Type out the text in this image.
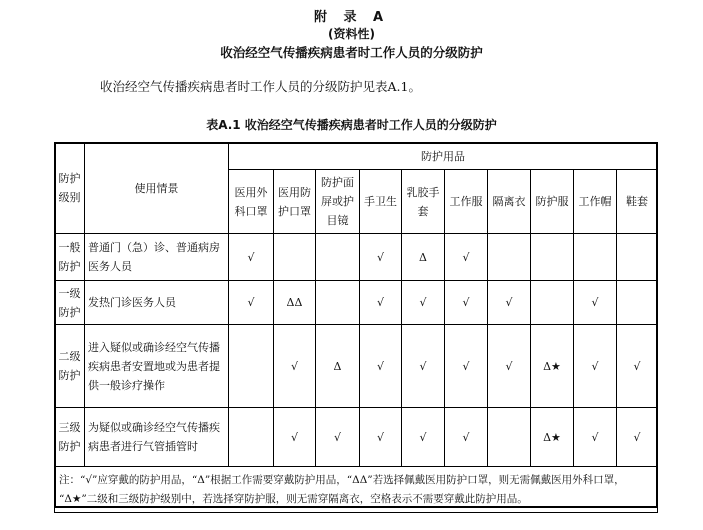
附 录 A
(资料性)
收治经空气传播疾病患者时工作人员的分级防护
收治经空气传播疾病患者时工作人员的分级防护见表A.1。
表A.1 收治经空气传播疾病患者时工作人员的分级防护
防护级别	使用情景	防护用品									
		医用外科口罩	医用防护口罩	防护面屏或护目镜	手卫生	乳胶手套	工作服	隔离衣	防护服	工作帽	鞋套
一般防护	普通门（急）诊、普通病房医务人员	√			√	Δ	√				
一级防护	发热门诊医务人员	√	ΔΔ		√	√	√	√		√	
二级防护	进入疑似或确诊经空气传播疾病患者安置地或为患者提供一般诊疗操作		√	Δ	√	√	√	√	Δ★	√	√
三级防护	为疑似或确诊经空气传播疾病患者进行气管插管时		√	√	√	√	√		Δ★	√	√

注：“√”应穿戴的防护用品，“Δ”根据工作需要穿戴防护用品，“ΔΔ”若选择佩戴医用防护口罩，则无需佩戴医用外科口罩，
“Δ★”二级和三级防护级别中，若选择穿防护服，则无需穿隔离衣，空格表示不需要穿戴此防护用品。											
